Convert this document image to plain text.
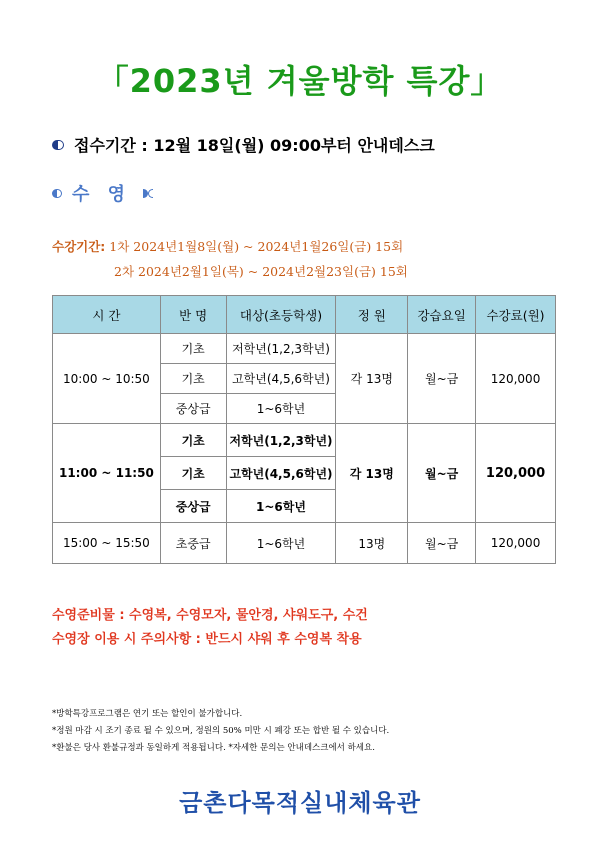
「2023년 겨울방학 특강」
접수기간 : 12월 18일(월) 09:00부터 안내데스크
수 영
수강기간: 1차 2024년1월8일(월) ~ 2024년1월26일(금) 15회
2차 2024년2월1일(목) ~ 2024년2월23일(금) 15회
시 간	반 명	대상(초등학생)	정 원	강습요일	수강료(원)
10:00 ~ 10:50	기초	저학년(1,2,3학년)	각 13명	월~금	120,000
	기초	고학년(4,5,6학년)			
	중상급	1~6학년			
11:00 ~ 11:50	기초	저학년(1,2,3학년)	각 13명	월~금	120,000
	기초	고학년(4,5,6학년)			
	중상급	1~6학년			
15:00 ~ 15:50	초중급	1~6학년	13명	월~금	120,000
수영준비물 : 수영복, 수영모자, 물안경, 샤워도구, 수건
수영장 이용 시 주의사항 : 반드시 샤워 후 수영복 착용
*방학특강프로그램은 연기 또는 할인이 불가합니다.
*정원 마감 시 조기 종료 될 수 있으며, 정원의 50% 미만 시 폐강 또는 합반 될 수 있습니다.
*환불은 당사 환불규정과 동일하게 적용됩니다. *자세한 문의는 안내데스크에서 하세요.
금촌다목적실내체육관
